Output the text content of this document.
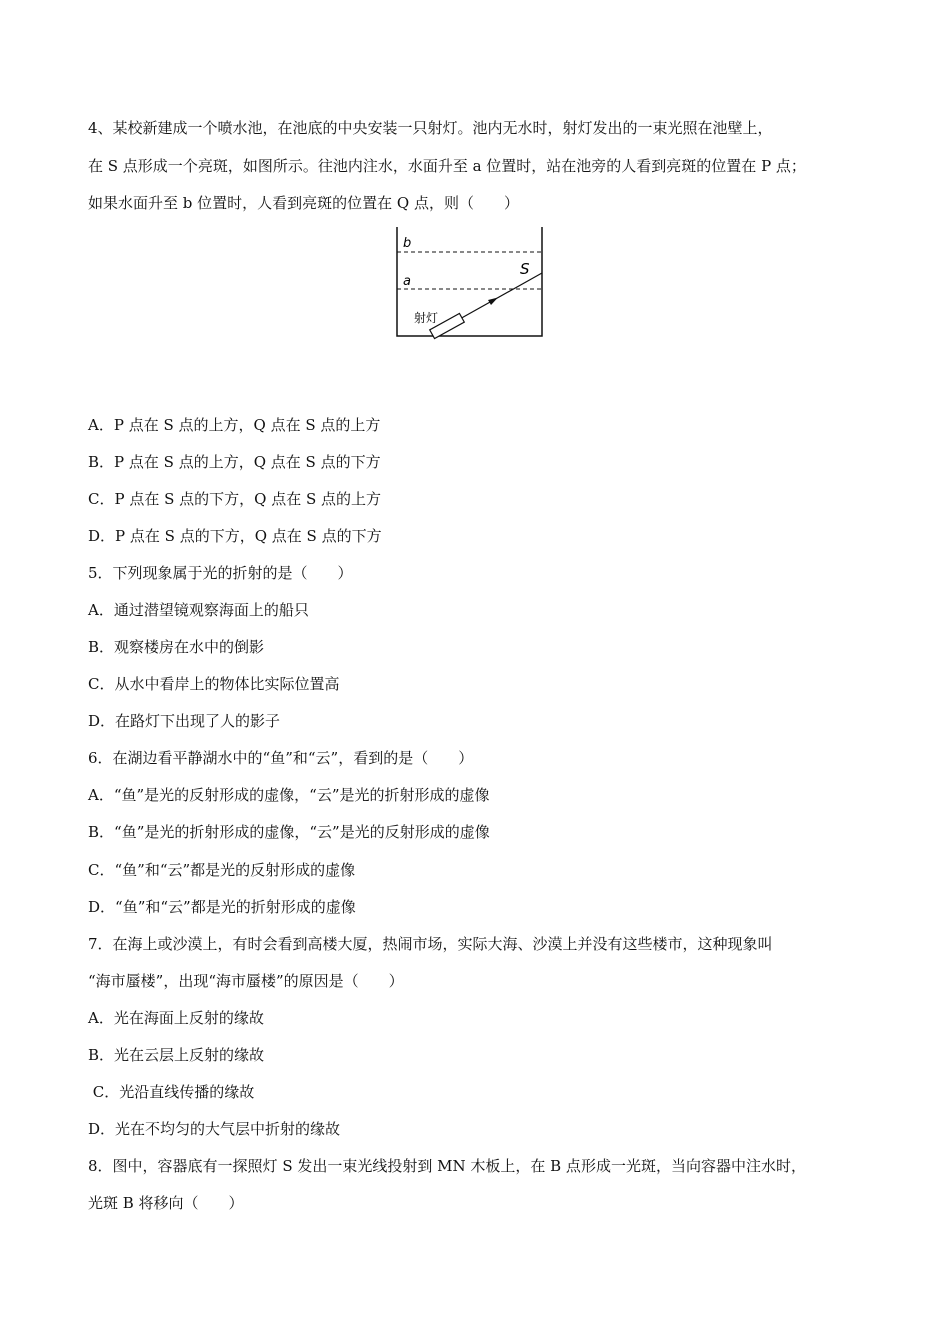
4、某校新建成一个喷水池，在池底的中央安装一只射灯。池内无水时，射灯发出的一束光照在池壁上，
在 S 点形成一个亮斑，如图所示。往池内注水，水面升至 a 位置时，站在池旁的人看到亮斑的位置在 P 点；
如果水面升至 b 位置时，人看到亮斑的位置在 Q 点，则（　　）
b
a
S
射灯
A．P 点在 S 点的上方，Q 点在 S 点的上方
B．P 点在 S 点的上方，Q 点在 S 点的下方
C．P 点在 S 点的下方，Q 点在 S 点的上方
D．P 点在 S 点的下方，Q 点在 S 点的下方
5．下列现象属于光的折射的是（　　）
A．通过潜望镜观察海面上的船只
B．观察楼房在水中的倒影
C．从水中看岸上的物体比实际位置高
D．在路灯下出现了人的影子
6．在湖边看平静湖水中的“鱼”和“云”，看到的是（　　）
A．“鱼”是光的反射形成的虚像，“云”是光的折射形成的虚像
B．“鱼”是光的折射形成的虚像，“云”是光的反射形成的虚像
C．“鱼”和“云”都是光的反射形成的虚像
D．“鱼”和“云”都是光的折射形成的虚像
7．在海上或沙漠上，有时会看到高楼大厦，热闹市场，实际大海、沙漠上并没有这些楼市，这种现象叫
“海市蜃楼”，出现“海市蜃楼”的原因是（　　）
A．光在海面上反射的缘故
B．光在云层上反射的缘故
C．光沿直线传播的缘故
D．光在不均匀的大气层中折射的缘故
8．图中，容器底有一探照灯 S 发出一束光线投射到 MN 木板上，在 B 点形成一光斑，当向容器中注水时，
光斑 B 将移向（　　）
